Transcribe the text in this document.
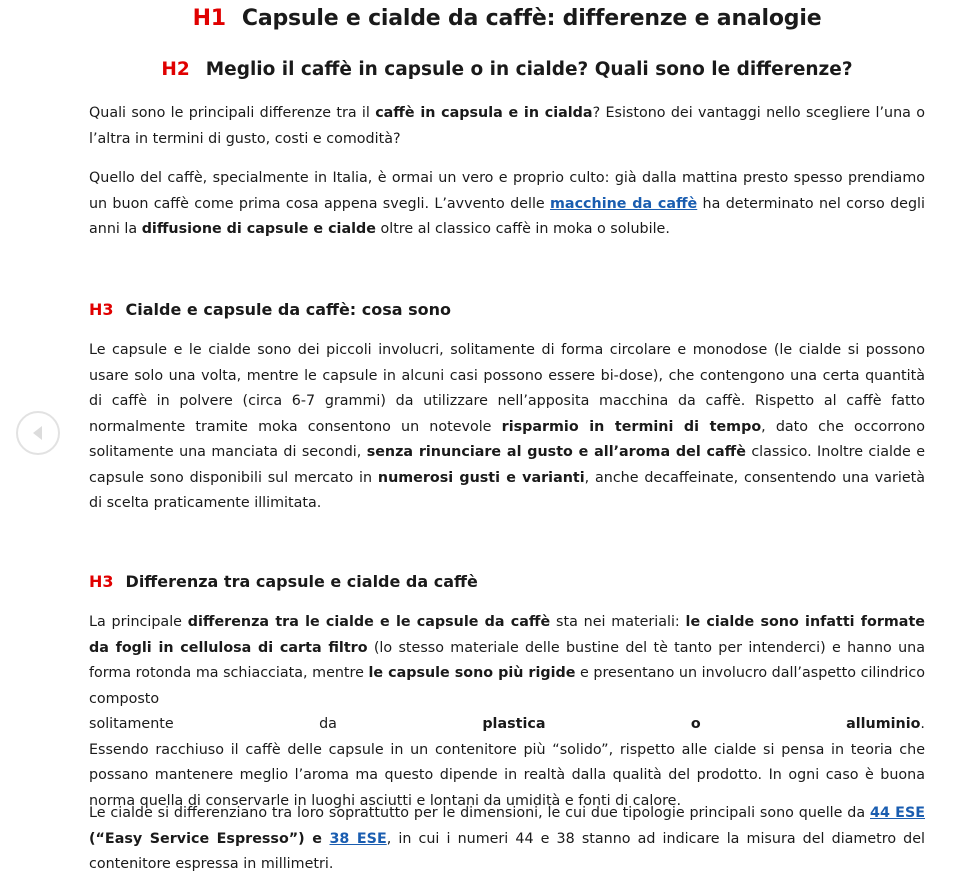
H1 Capsule e cialde da caffè: differenze e analogie
H2 Meglio il caffè in capsule o in cialde? Quali sono le differenze?

Quali sono le principali differenze tra il caffè in capsula e in cialda? Esistono dei vantaggi nello scegliere l’una o l’altra in termini di gusto, costi e comodità?

Quello del caffè, specialmente in Italia, è ormai un vero e proprio culto: già dalla mattina presto spesso prendiamo un buon caffè come prima cosa appena svegli. L’avvento delle macchine da caffè ha determinato nel corso degli anni la diffusione di capsule e cialde oltre al classico caffè in moka o solubile.

H3 Cialde e capsule da caffè: cosa sono

Le capsule e le cialde sono dei piccoli involucri, solitamente di forma circolare e monodose (le cialde si possono usare solo una volta, mentre le capsule in alcuni casi possono essere bi-dose), che contengono una certa quantità di caffè in polvere (circa 6-7 grammi) da utilizzare nell’apposita macchina da caffè. Rispetto al caffè fatto normalmente tramite moka consentono un notevole risparmio in termini di tempo, dato che occorrono solitamente una manciata di secondi, senza rinunciare al gusto e all’aroma del caffè classico. Inoltre cialde e capsule sono disponibili sul mercato in numerosi gusti e varianti, anche decaffeinate, consentendo una varietà di scelta praticamente illimitata.

H3 Differenza tra capsule e cialde da caffè
La principale differenza tra le cialde e le capsule da caffè sta nei materiali: le cialde sono infatti formate da fogli in cellulosa di carta filtro (lo stesso materiale delle bustine del tè tanto per intenderci) e hanno una forma rotonda ma schiacciata, mentre le capsule sono più rigide e presentano un involucro dall’aspetto cilindrico composto
solitamente	da	plastica	o	alluminio.
Essendo racchiuso il caffè delle capsule in un contenitore più “solido”, rispetto alle cialde si pensa in teoria che possano mantenere meglio l’aroma ma questo dipende in realtà dalla qualità del prodotto. In ogni caso è buona norma quella di conservarle in luoghi asciutti e lontani da umidità e fonti di calore.

Le cialde si differenziano tra loro soprattutto per le dimensioni, le cui due tipologie principali sono quelle da 44 ESE (“Easy Service Espresso”) e 38 ESE, in cui i numeri 44 e 38 stanno ad indicare la misura del diametro del contenitore espressa in millimetri.
